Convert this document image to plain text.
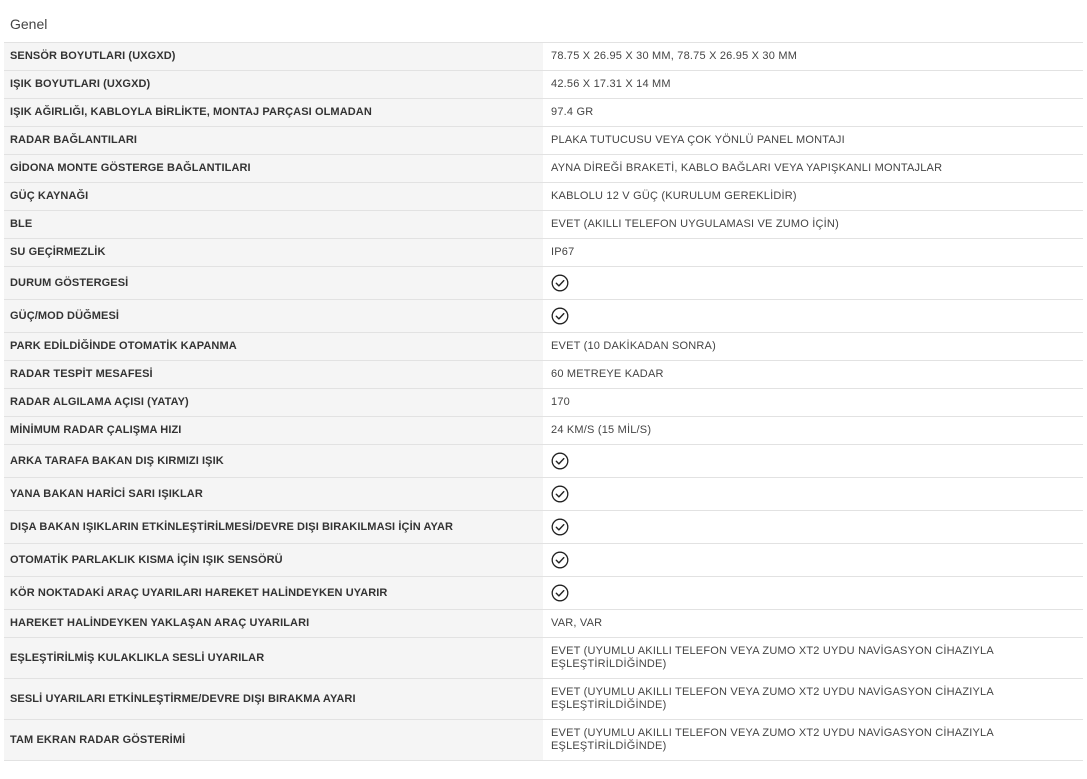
Genel
SENSÖR BOYUTLARI (UXGXD)	78.75 X 26.95 X 30 MM, 78.75 X 26.95 X 30 MM
IŞIK BOYUTLARI (UXGXD)	42.56 X 17.31 X 14 MM
IŞIK AĞIRLIĞI, KABLOYLA BİRLİKTE, MONTAJ PARÇASI OLMADAN	97.4 GR
RADAR BAĞLANTILARI	PLAKA TUTUCUSU VEYA ÇOK YÖNLÜ PANEL MONTAJI
GİDONA MONTE GÖSTERGE BAĞLANTILARI	AYNA DİREĞİ BRAKETİ, KABLO BAĞLARI VEYA YAPIŞKANLI MONTAJLAR
GÜÇ KAYNAĞI	KABLOLU 12 V GÜÇ (KURULUM GEREKLİDİR)
BLE	EVET (AKILLI TELEFON UYGULAMASI VE ZUMO İÇİN)
SU GEÇİRMEZLİK	IP67
DURUM GÖSTERGESİ	
GÜÇ/MOD DÜĞMESİ	
PARK EDİLDİĞİNDE OTOMATİK KAPANMA	EVET (10 DAKİKADAN SONRA)
RADAR TESPİT MESAFESİ	60 METREYE KADAR
RADAR ALGILAMA AÇISI (YATAY)	170
MİNİMUM RADAR ÇALIŞMA HIZI	24 KM/S (15 MİL/S)
ARKA TARAFA BAKAN DIŞ KIRMIZI IŞIK	
YANA BAKAN HARİCİ SARI IŞIKLAR	
DIŞA BAKAN IŞIKLARIN ETKİNLEŞTİRİLMESİ/DEVRE DIŞI BIRAKILMASI İÇİN AYAR	
OTOMATİK PARLAKLIK KISMA İÇİN IŞIK SENSÖRÜ	
KÖR NOKTADAKİ ARAÇ UYARILARI HAREKET HALİNDEYKEN UYARIR	
HAREKET HALİNDEYKEN YAKLAŞAN ARAÇ UYARILARI	VAR, VAR
EŞLEŞTİRİLMİŞ KULAKLIKLA SESLİ UYARILAR	EVET (UYUMLU AKILLI TELEFON VEYA ZUMO XT2 UYDU NAVİGASYON CİHAZIYLA EŞLEŞTİRİLDİĞİNDE)
SESLİ UYARILARI ETKİNLEŞTİRME/DEVRE DIŞI BIRAKMA AYARI	EVET (UYUMLU AKILLI TELEFON VEYA ZUMO XT2 UYDU NAVİGASYON CİHAZIYLA EŞLEŞTİRİLDİĞİNDE)
TAM EKRAN RADAR GÖSTERİMİ	EVET (UYUMLU AKILLI TELEFON VEYA ZUMO XT2 UYDU NAVİGASYON CİHAZIYLA EŞLEŞTİRİLDİĞİNDE)
